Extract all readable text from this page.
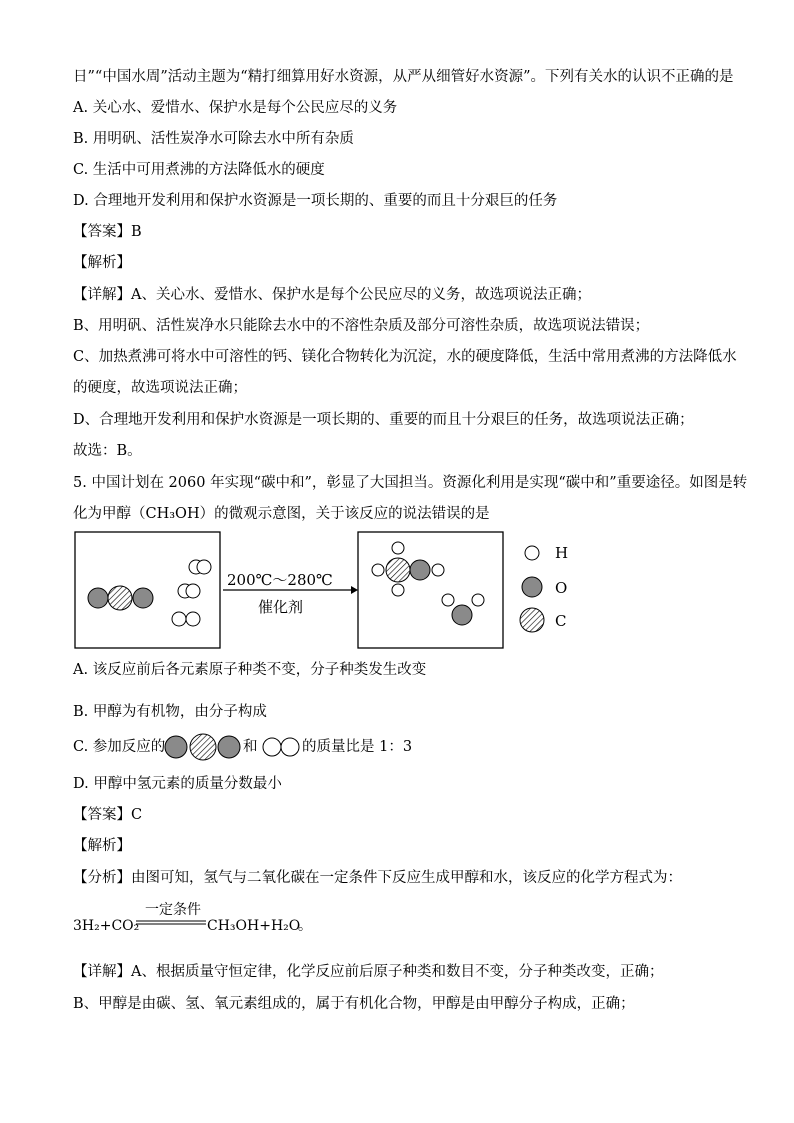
日”“中国水周”活动主题为“精打细算用好水资源，从严从细管好水资源”。下列有关水的认识不正确的是
A. 关心水、爱惜水、保护水是每个公民应尽的义务
B. 用明矾、活性炭净水可除去水中所有杂质
C. 生活中可用煮沸的方法降低水的硬度
D. 合理地开发利用和保护水资源是一项长期的、重要的而且十分艰巨的任务
【答案】B
【解析】
【详解】A、关心水、爱惜水、保护水是每个公民应尽的义务，故选项说法正确；
B、用明矾、活性炭净水只能除去水中的不溶性杂质及部分可溶性杂质，故选项说法错误；
C、加热煮沸可将水中可溶性的钙、镁化合物转化为沉淀，水的硬度降低，生活中常用煮沸的方法降低水
的硬度，故选项说法正确；
D、合理地开发利用和保护水资源是一项长期的、重要的而且十分艰巨的任务，故选项说法正确；
故选：B。
5. 中国计划在 2060 年实现“碳中和”，彰显了大国担当。资源化利用是实现“碳中和”重要途径。如图是转
化为甲醇（CH₃OH）的微观示意图，关于该反应的说法错误的是
200℃～280℃
催化剂
H
O
C
A. 该反应前后各元素原子种类不变，分子种类发生改变
B. 甲醇为有机物，由分子构成
C. 参加反应的	和	的质量比是 1：3
D. 甲醇中氢元素的质量分数最小
【答案】C
【解析】
【分析】由图可知，氢气与二氧化碳在一定条件下反应生成甲醇和水，该反应的化学方程式为：
3H₂+CO₂
一定条件
CH₃OH+H₂O
。
【详解】A、根据质量守恒定律，化学反应前后原子种类和数目不变，分子种类改变，正确；
B、甲醇是由碳、氢、氧元素组成的，属于有机化合物，甲醇是由甲醇分子构成，正确；
